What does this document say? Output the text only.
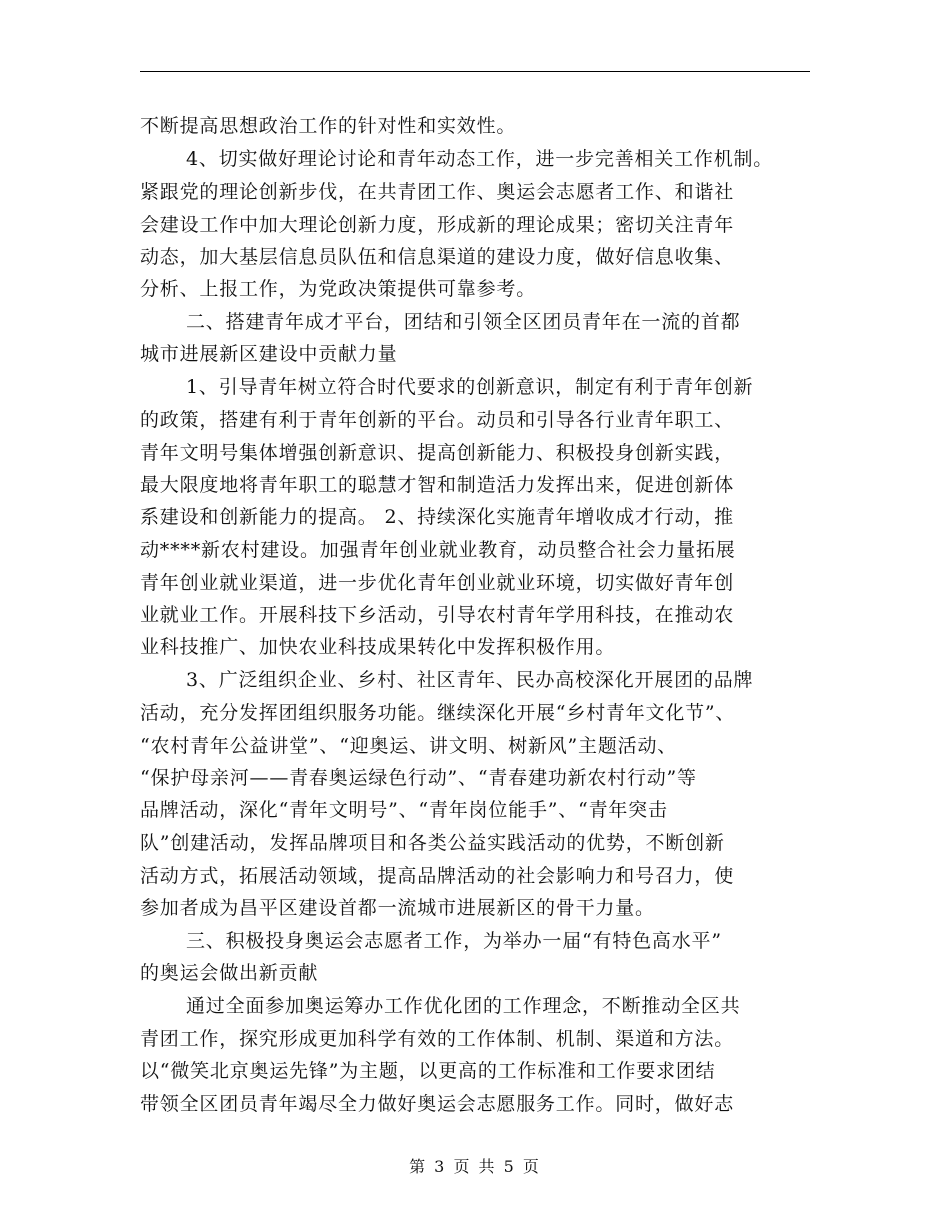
不断提高思想政治工作的针对性和实效性。
4、切实做好理论讨论和青年动态工作，进一步完善相关工作机制。
紧跟党的理论创新步伐，在共青团工作、奥运会志愿者工作、和谐社
会建设工作中加大理论创新力度，形成新的理论成果；密切关注青年
动态，加大基层信息员队伍和信息渠道的建设力度，做好信息收集、
分析、上报工作，为党政决策提供可靠参考。
二、搭建青年成才平台，团结和引领全区团员青年在一流的首都
城市进展新区建设中贡献力量
1、引导青年树立符合时代要求的创新意识，制定有利于青年创新
的政策，搭建有利于青年创新的平台。动员和引导各行业青年职工、
青年文明号集体增强创新意识、提高创新能力、积极投身创新实践，
最大限度地将青年职工的聪慧才智和制造活力发挥出来，促进创新体
系建设和创新能力的提高。 2、持续深化实施青年增收成才行动，推
动****新农村建设。加强青年创业就业教育，动员整合社会力量拓展
青年创业就业渠道，进一步优化青年创业就业环境，切实做好青年创
业就业工作。开展科技下乡活动，引导农村青年学用科技，在推动农
业科技推广、加快农业科技成果转化中发挥积极作用。
3、广泛组织企业、乡村、社区青年、民办高校深化开展团的品牌
活动，充分发挥团组织服务功能。继续深化开展“乡村青年文化节”、
“农村青年公益讲堂”、“迎奥运、讲文明、树新风”主题活动、
“保护母亲河——青春奥运绿色行动”、“青春建功新农村行动”等
品牌活动，深化“青年文明号”、“青年岗位能手”、“青年突击
队”创建活动，发挥品牌项目和各类公益实践活动的优势，不断创新
活动方式，拓展活动领域，提高品牌活动的社会影响力和号召力，使
参加者成为昌平区建设首都一流城市进展新区的骨干力量。
三、积极投身奥运会志愿者工作，为举办一届“有特色高水平”
的奥运会做出新贡献
通过全面参加奥运筹办工作优化团的工作理念，不断推动全区共
青团工作，探究形成更加科学有效的工作体制、机制、渠道和方法。
以“微笑北京奥运先锋”为主题，以更高的工作标准和工作要求团结
带领全区团员青年竭尽全力做好奥运会志愿服务工作。同时，做好志
第 3 页 共 5 页
